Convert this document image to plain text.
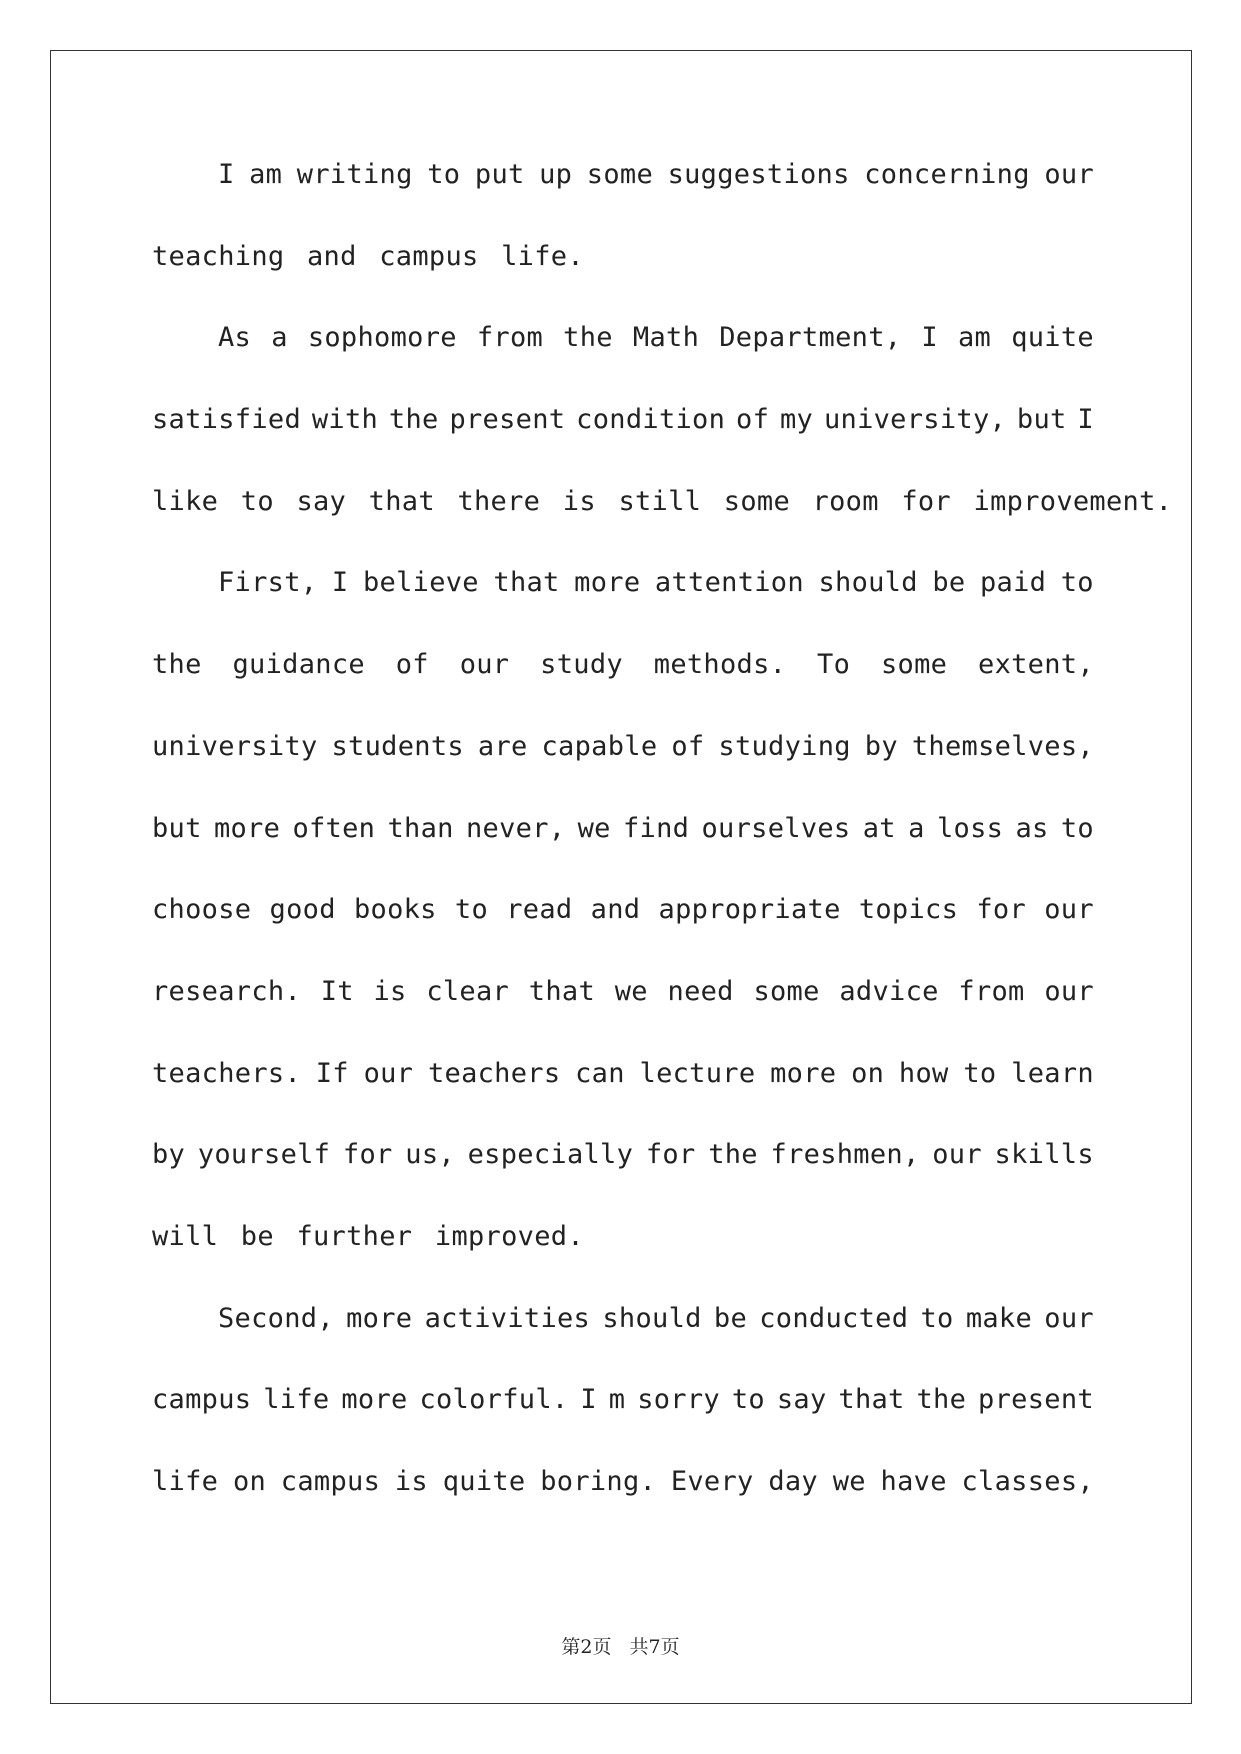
I am writing to put up some suggestions concerning our
teaching and campus life.
As a sophomore from the Math Department, I am quite
satisfied with the present condition of my university, but I
like to say that there is still some room for improvement.
First, I believe that more attention should be paid to
the guidance of our study methods. To some extent,
university students are capable of studying by themselves,
but more often than never, we find ourselves at a loss as to
choose good books to read and appropriate topics for our
research. It is clear that we need some advice from our
teachers. If our teachers can lecture more on how to learn
by yourself for us, especially for the freshmen, our skills
will be further improved.
Second, more activities should be conducted to make our
campus life more colorful. I m sorry to say that the present
life on campus is quite boring. Every day we have classes,
第2页 共7页
